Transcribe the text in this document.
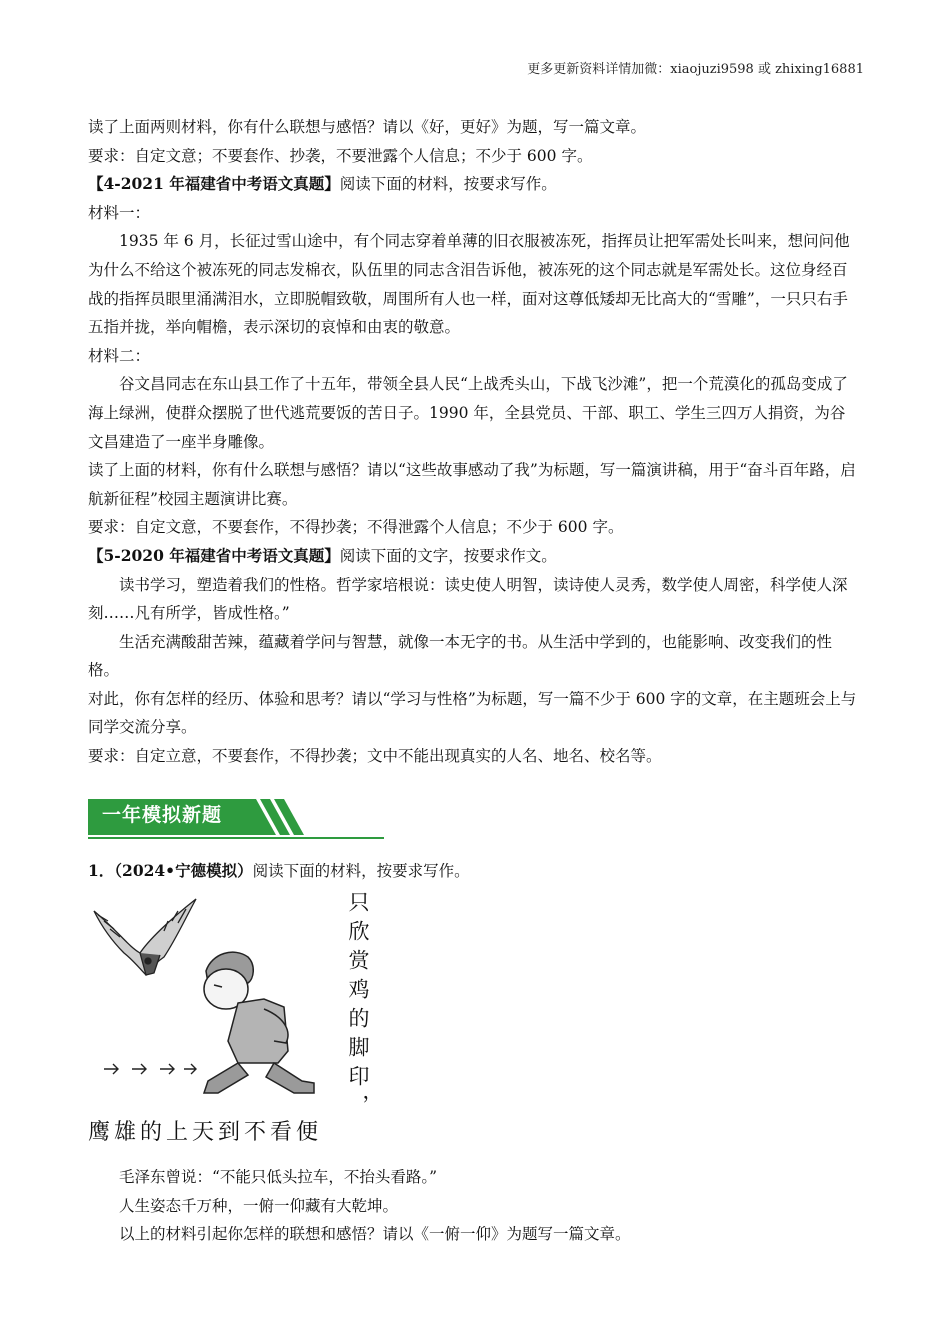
更多更新资料详情加微：xiaojuzi9598 或 zhixing16881

读了上面两则材料，你有什么联想与感悟？请以《好，更好》为题，写一篇文章。

要求：自定文意；不要套作、抄袭，不要泄露个人信息；不少于 600 字。

【4-2021 年福建省中考语文真题】阅读下面的材料，按要求写作。

材料一：

1935 年 6 月，长征过雪山途中，有个同志穿着单薄的旧衣服被冻死，指挥员让把军需处长叫来，想问问他为什么不给这个被冻死的同志发棉衣，队伍里的同志含泪告诉他，被冻死的这个同志就是军需处长。这位身经百战的指挥员眼里涌满泪水，立即脱帽致敬，周围所有人也一样，面对这尊低矮却无比高大的“雪雕”，一只只右手五指并拢，举向帽檐，表示深切的哀悼和由衷的敬意。

材料二：

谷文昌同志在东山县工作了十五年，带领全县人民“上战秃头山，下战飞沙滩”，把一个荒漠化的孤岛变成了海上绿洲，使群众摆脱了世代逃荒要饭的苦日子。1990 年，全县党员、干部、职工、学生三四万人捐资，为谷文昌建造了一座半身雕像。

读了上面的材料，你有什么联想与感悟？请以“这些故事感动了我”为标题，写一篇演讲稿，用于“奋斗百年路，启航新征程”校园主题演讲比赛。

要求：自定文意，不要套作，不得抄袭；不得泄露个人信息；不少于 600 字。

【5-2020 年福建省中考语文真题】阅读下面的文字，按要求作文。

读书学习，塑造着我们的性格。哲学家培根说：读史使人明智，读诗使人灵秀，数学使人周密，科学使人深刻……凡有所学，皆成性格。”

生活充满酸甜苦辣，蕴藏着学问与智慧，就像一本无字的书。从生活中学到的，也能影响、改变我们的性格。

对此，你有怎样的经历、体验和思考？请以“学习与性格”为标题，写一篇不少于 600 字的文章，在主题班会上与同学交流分享。

要求：自定立意，不要套作，不得抄袭；文中不能出现真实的人名、地名、校名等。

一年模拟新题

1．（2024•宁德模拟）阅读下面的材料，按要求写作。

只欣赏鸡的脚印，
鹰雄的上天到不看便

毛泽东曾说：“不能只低头拉车，不抬头看路。”

人生姿态千万种，一俯一仰藏有大乾坤。

以上的材料引起你怎样的联想和感悟？请以《一俯一仰》为题写一篇文章。
